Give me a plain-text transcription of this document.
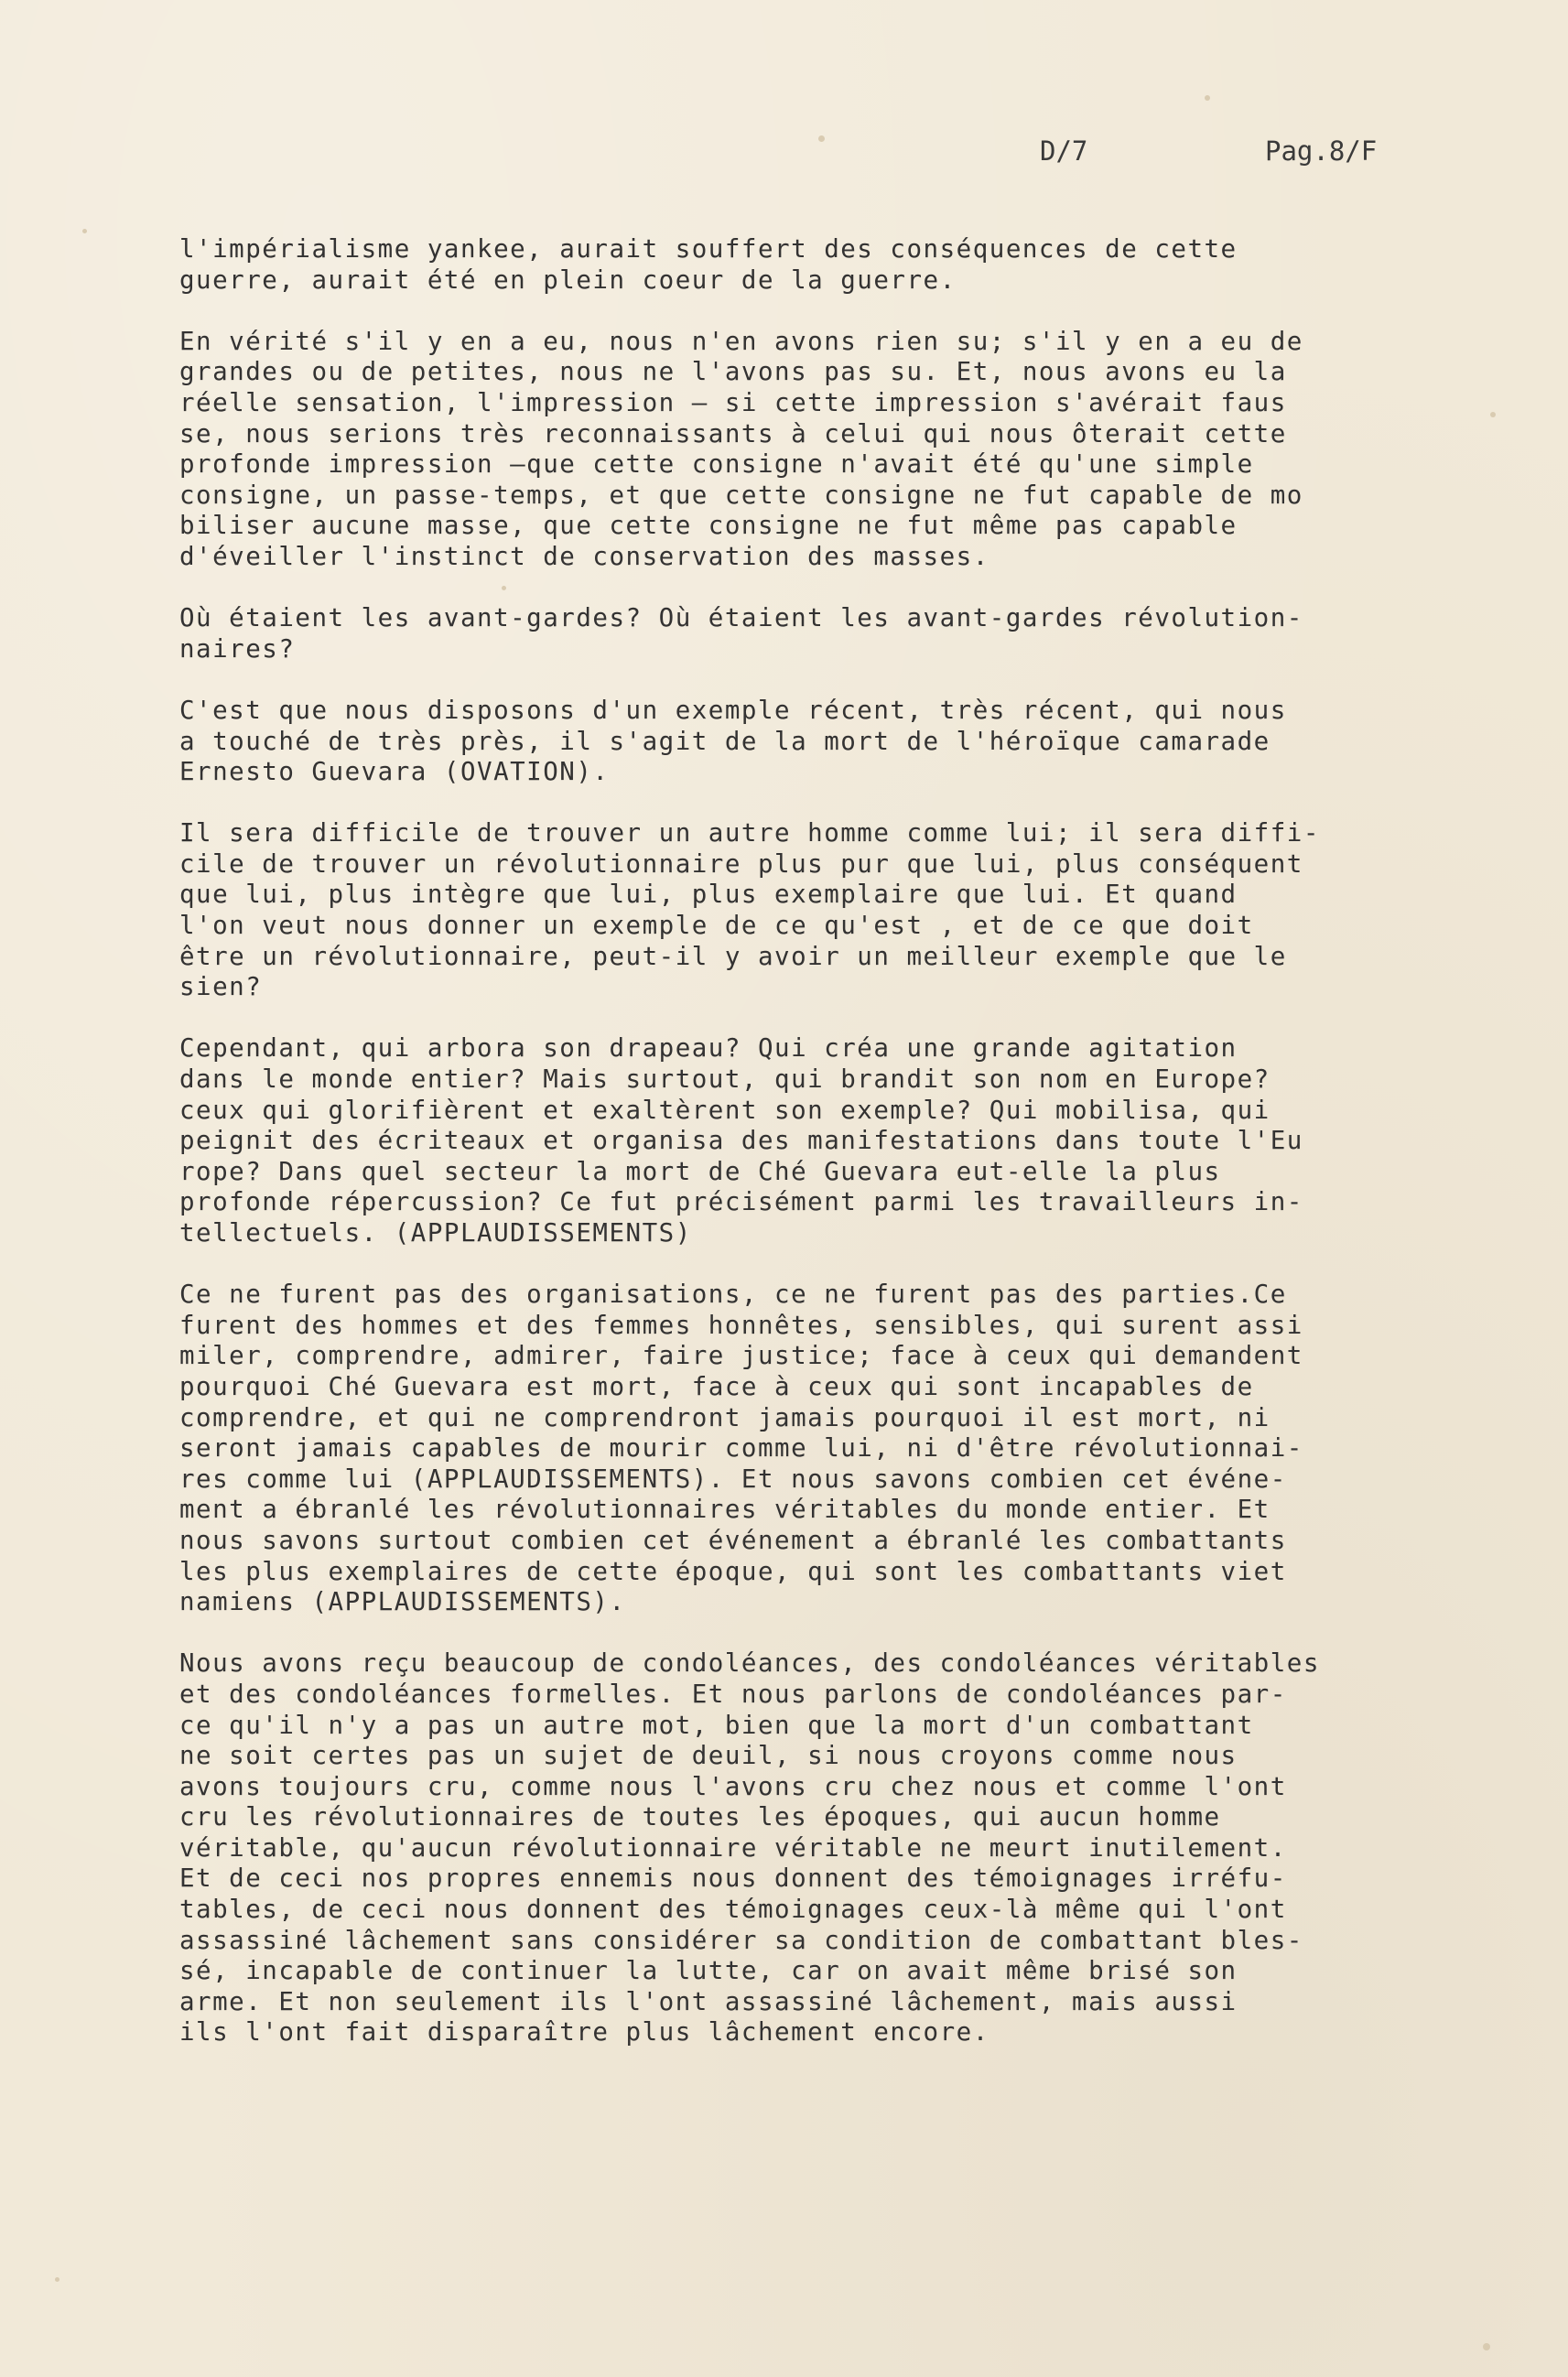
D/7	Pag.8/F
l'impérialisme yankee, aurait souffert des conséquences de cette
guerre, aurait été en plein coeur de la guerre.
En vérité s'il y en a eu, nous n'en avons rien su; s'il y en a eu de
grandes ou de petites, nous ne l'avons pas su. Et, nous avons eu la
réelle sensation, l'impression — si cette impression s'avérait faus
se, nous serions très reconnaissants à celui qui nous ôterait cette
profonde impression —que cette consigne n'avait été qu'une simple
consigne, un passe-temps, et que cette consigne ne fut capable de mo
biliser aucune masse, que cette consigne ne fut même pas capable
d'éveiller l'instinct de conservation des masses.
Où étaient les avant-gardes? Où étaient les avant-gardes révolution-
naires?
C'est que nous disposons d'un exemple récent, très récent, qui nous
a touché de très près, il s'agit de la mort de l'héroïque camarade
Ernesto Guevara (OVATION).
Il sera difficile de trouver un autre homme comme lui; il sera diffi-
cile de trouver un révolutionnaire plus pur que lui, plus conséquent
que lui, plus intègre que lui, plus exemplaire que lui. Et quand
l'on veut nous donner un exemple de ce qu'est , et de ce que doit
être un révolutionnaire, peut-il y avoir un meilleur exemple que le
sien?
Cependant, qui arbora son drapeau? Qui créa une grande agitation
dans le monde entier? Mais surtout, qui brandit son nom en Europe?
ceux qui glorifièrent et exaltèrent son exemple? Qui mobilisa, qui
peignit des écriteaux et organisa des manifestations dans toute l'Eu
rope? Dans quel secteur la mort de Ché Guevara eut-elle la plus
profonde répercussion? Ce fut précisément parmi les travailleurs in-
tellectuels. (APPLAUDISSEMENTS)
Ce ne furent pas des organisations, ce ne furent pas des parties.Ce
furent des hommes et des femmes honnêtes, sensibles, qui surent assi
miler, comprendre, admirer, faire justice; face à ceux qui demandent
pourquoi Ché Guevara est mort, face à ceux qui sont incapables de
comprendre, et qui ne comprendront jamais pourquoi il est mort, ni
seront jamais capables de mourir comme lui, ni d'être révolutionnai-
res comme lui (APPLAUDISSEMENTS). Et nous savons combien cet événe-
ment a ébranlé les révolutionnaires véritables du monde entier. Et
nous savons surtout combien cet événement a ébranlé les combattants
les plus exemplaires de cette époque, qui sont les combattants viet
namiens (APPLAUDISSEMENTS).
Nous avons reçu beaucoup de condoléances, des condoléances véritables
et des condoléances formelles. Et nous parlons de condoléances par-
ce qu'il n'y a pas un autre mot, bien que la mort d'un combattant
ne soit certes pas un sujet de deuil, si nous croyons comme nous
avons toujours cru, comme nous l'avons cru chez nous et comme l'ont
cru les révolutionnaires de toutes les époques, qui aucun homme
véritable, qu'aucun révolutionnaire véritable ne meurt inutilement.
Et de ceci nos propres ennemis nous donnent des témoignages irréfu-
tables, de ceci nous donnent des témoignages ceux-là même qui l'ont
assassiné lâchement sans considérer sa condition de combattant bles-
sé, incapable de continuer la lutte, car on avait même brisé son
arme. Et non seulement ils l'ont assassiné lâchement, mais aussi
ils l'ont fait disparaître plus lâchement encore.
